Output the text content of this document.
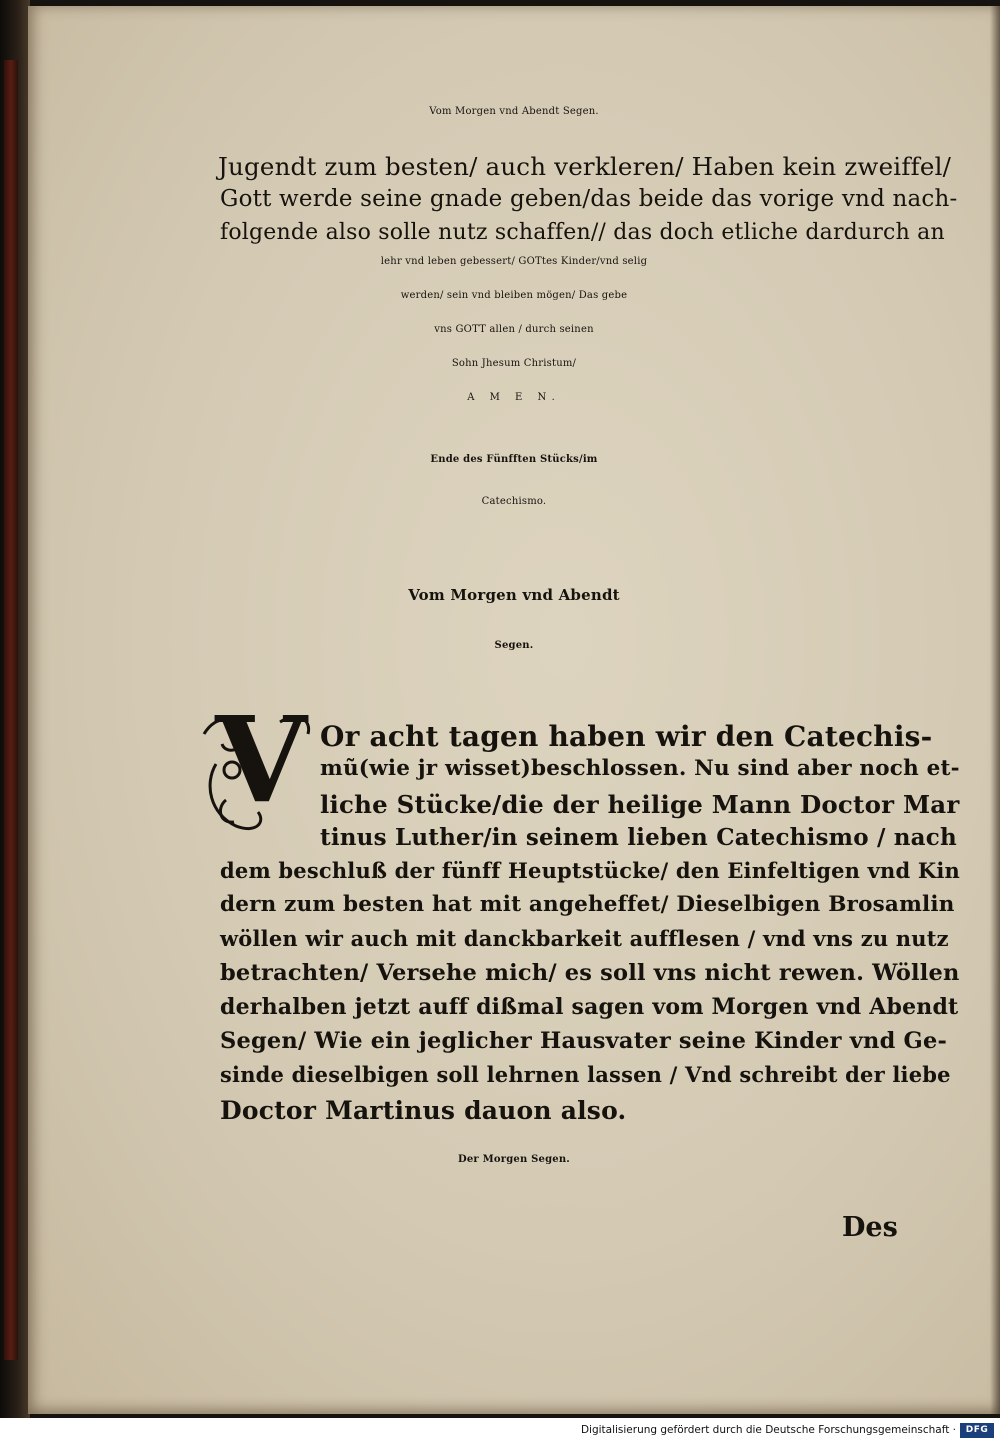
Vom Morgen vnd Abendt Segen.
Jugendt zum besten/ auch verkleren/ Haben kein zweiffel/
Gott werde seine gnade geben/das beide das vorige vnd nach-
folgende also solle nutz schaffen// das doch etliche dardurch an
lehr vnd leben gebessert/ GOTtes Kinder/vnd selig
werden/ sein vnd bleiben mögen/ Das gebe
vns GOTT allen / durch seinen
Sohn Jhesum Christum/
A M E N.
Ende des Fünfften Stücks/im
Catechismo.
Vom Morgen vnd Abendt
Segen.
Or acht tagen haben wir den Catechis-
mũ(wie jr wisset)beschlossen. Nu sind aber noch et-
liche Stücke/die der heilige Mann Doctor Mar
tinus Luther/in seinem lieben Catechismo / nach
dem beschluß der fünff Heuptstücke/ den Einfeltigen vnd Kin
dern zum besten hat mit angeheffet/ Dieselbigen Brosamlin
wöllen wir auch mit danckbarkeit aufflesen / vnd vns zu nutz
betrachten/ Versehe mich/ es soll vns nicht rewen. Wöllen
derhalben jetzt auff dißmal sagen vom Morgen vnd Abendt
Segen/ Wie ein jeglicher Hausvater seine Kinder vnd Ge-
sinde dieselbigen soll lehrnen lassen / Vnd schreibt der liebe
Doctor Martinus dauon also.
Der Morgen Segen.
V
Des
Digitalisierung gefördert durch die Deutsche Forschungsgemeinschaft ·	DFG
